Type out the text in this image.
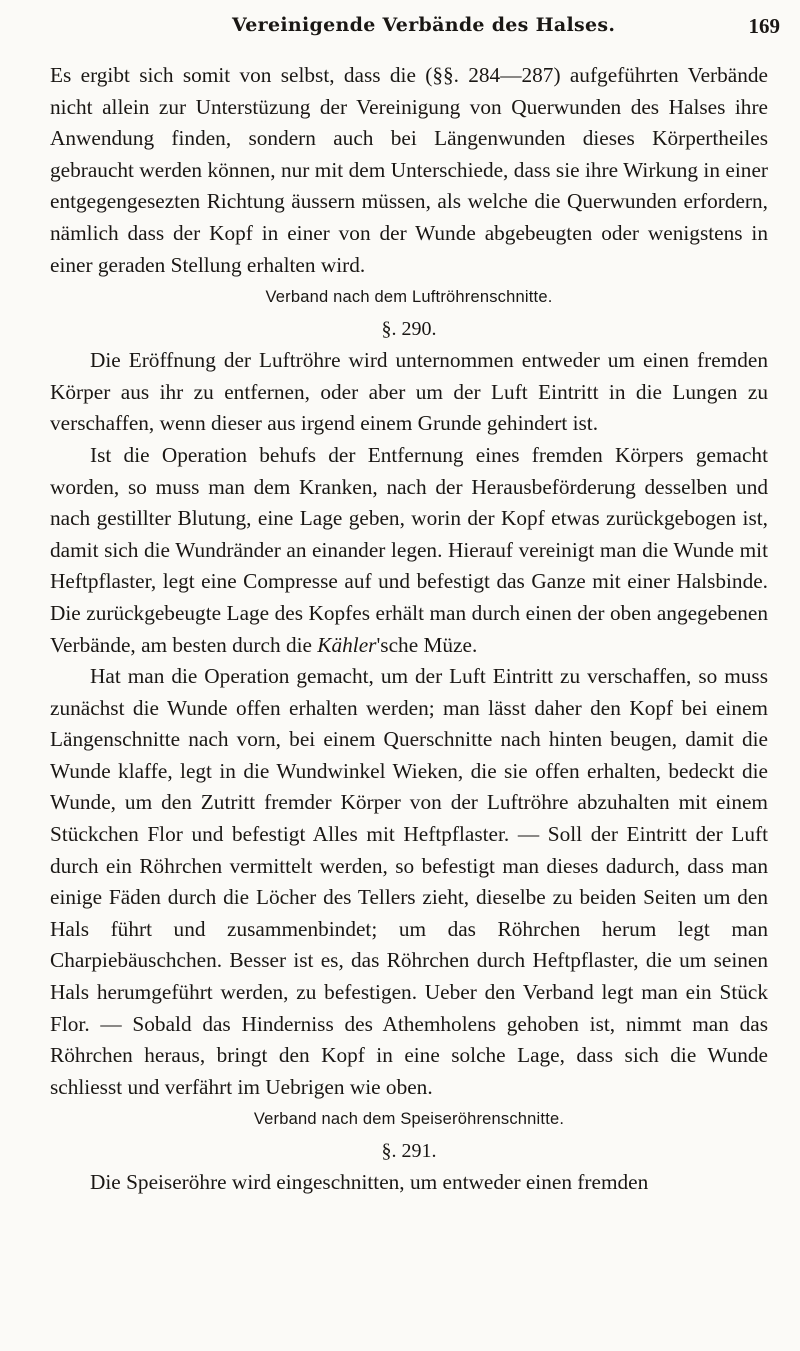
Vereinigende Verbände des Halses.	169

Es ergibt sich somit von selbst, dass die (§§. 284—287) aufgeführten Verbände nicht allein zur Unterstüzung der Vereinigung von Querwunden des Halses ihre Anwendung finden, sondern auch bei Längenwunden dieses Körpertheiles gebraucht werden können, nur mit dem Unterschiede, dass sie ihre Wirkung in einer entgegengesezten Richtung äussern müssen, als welche die Querwunden erfordern, nämlich dass der Kopf in einer von der Wunde abgebeugten oder wenigstens in einer geraden Stellung erhalten wird.

Verband nach dem Luftröhrenschnitte.

§. 290.

Die Eröffnung der Luftröhre wird unternommen entweder um einen fremden Körper aus ihr zu entfernen, oder aber um der Luft Eintritt in die Lungen zu verschaffen, wenn dieser aus irgend einem Grunde gehindert ist.

Ist die Operation behufs der Entfernung eines fremden Körpers gemacht worden, so muss man dem Kranken, nach der Herausbeförderung desselben und nach gestillter Blutung, eine Lage geben, worin der Kopf etwas zurückgebogen ist, damit sich die Wundränder an einander legen. Hierauf vereinigt man die Wunde mit Heftpflaster, legt eine Compresse auf und befestigt das Ganze mit einer Halsbinde. Die zurückgebeugte Lage des Kopfes erhält man durch einen der oben angegebenen Verbände, am besten durch die Kähler'sche Müze.

Hat man die Operation gemacht, um der Luft Eintritt zu verschaffen, so muss zunächst die Wunde offen erhalten werden; man lässt daher den Kopf bei einem Längenschnitte nach vorn, bei einem Querschnitte nach hinten beugen, damit die Wunde klaffe, legt in die Wundwinkel Wieken, die sie offen erhalten, bedeckt die Wunde, um den Zutritt fremder Körper von der Luftröhre abzuhalten mit einem Stückchen Flor und befestigt Alles mit Heftpflaster. — Soll der Eintritt der Luft durch ein Röhrchen vermittelt werden, so befestigt man dieses dadurch, dass man einige Fäden durch die Löcher des Tellers zieht, dieselbe zu beiden Seiten um den Hals führt und zusammenbindet; um das Röhrchen herum legt man Charpiebäuschchen. Besser ist es, das Röhrchen durch Heftpflaster, die um seinen Hals herumgeführt werden, zu befestigen. Ueber den Verband legt man ein Stück Flor. — Sobald das Hinderniss des Athemholens gehoben ist, nimmt man das Röhrchen heraus, bringt den Kopf in eine solche Lage, dass sich die Wunde schliesst und verfährt im Uebrigen wie oben.

Verband nach dem Speiseröhrenschnitte.

§. 291.

Die Speiseröhre wird eingeschnitten, um entweder einen fremden
